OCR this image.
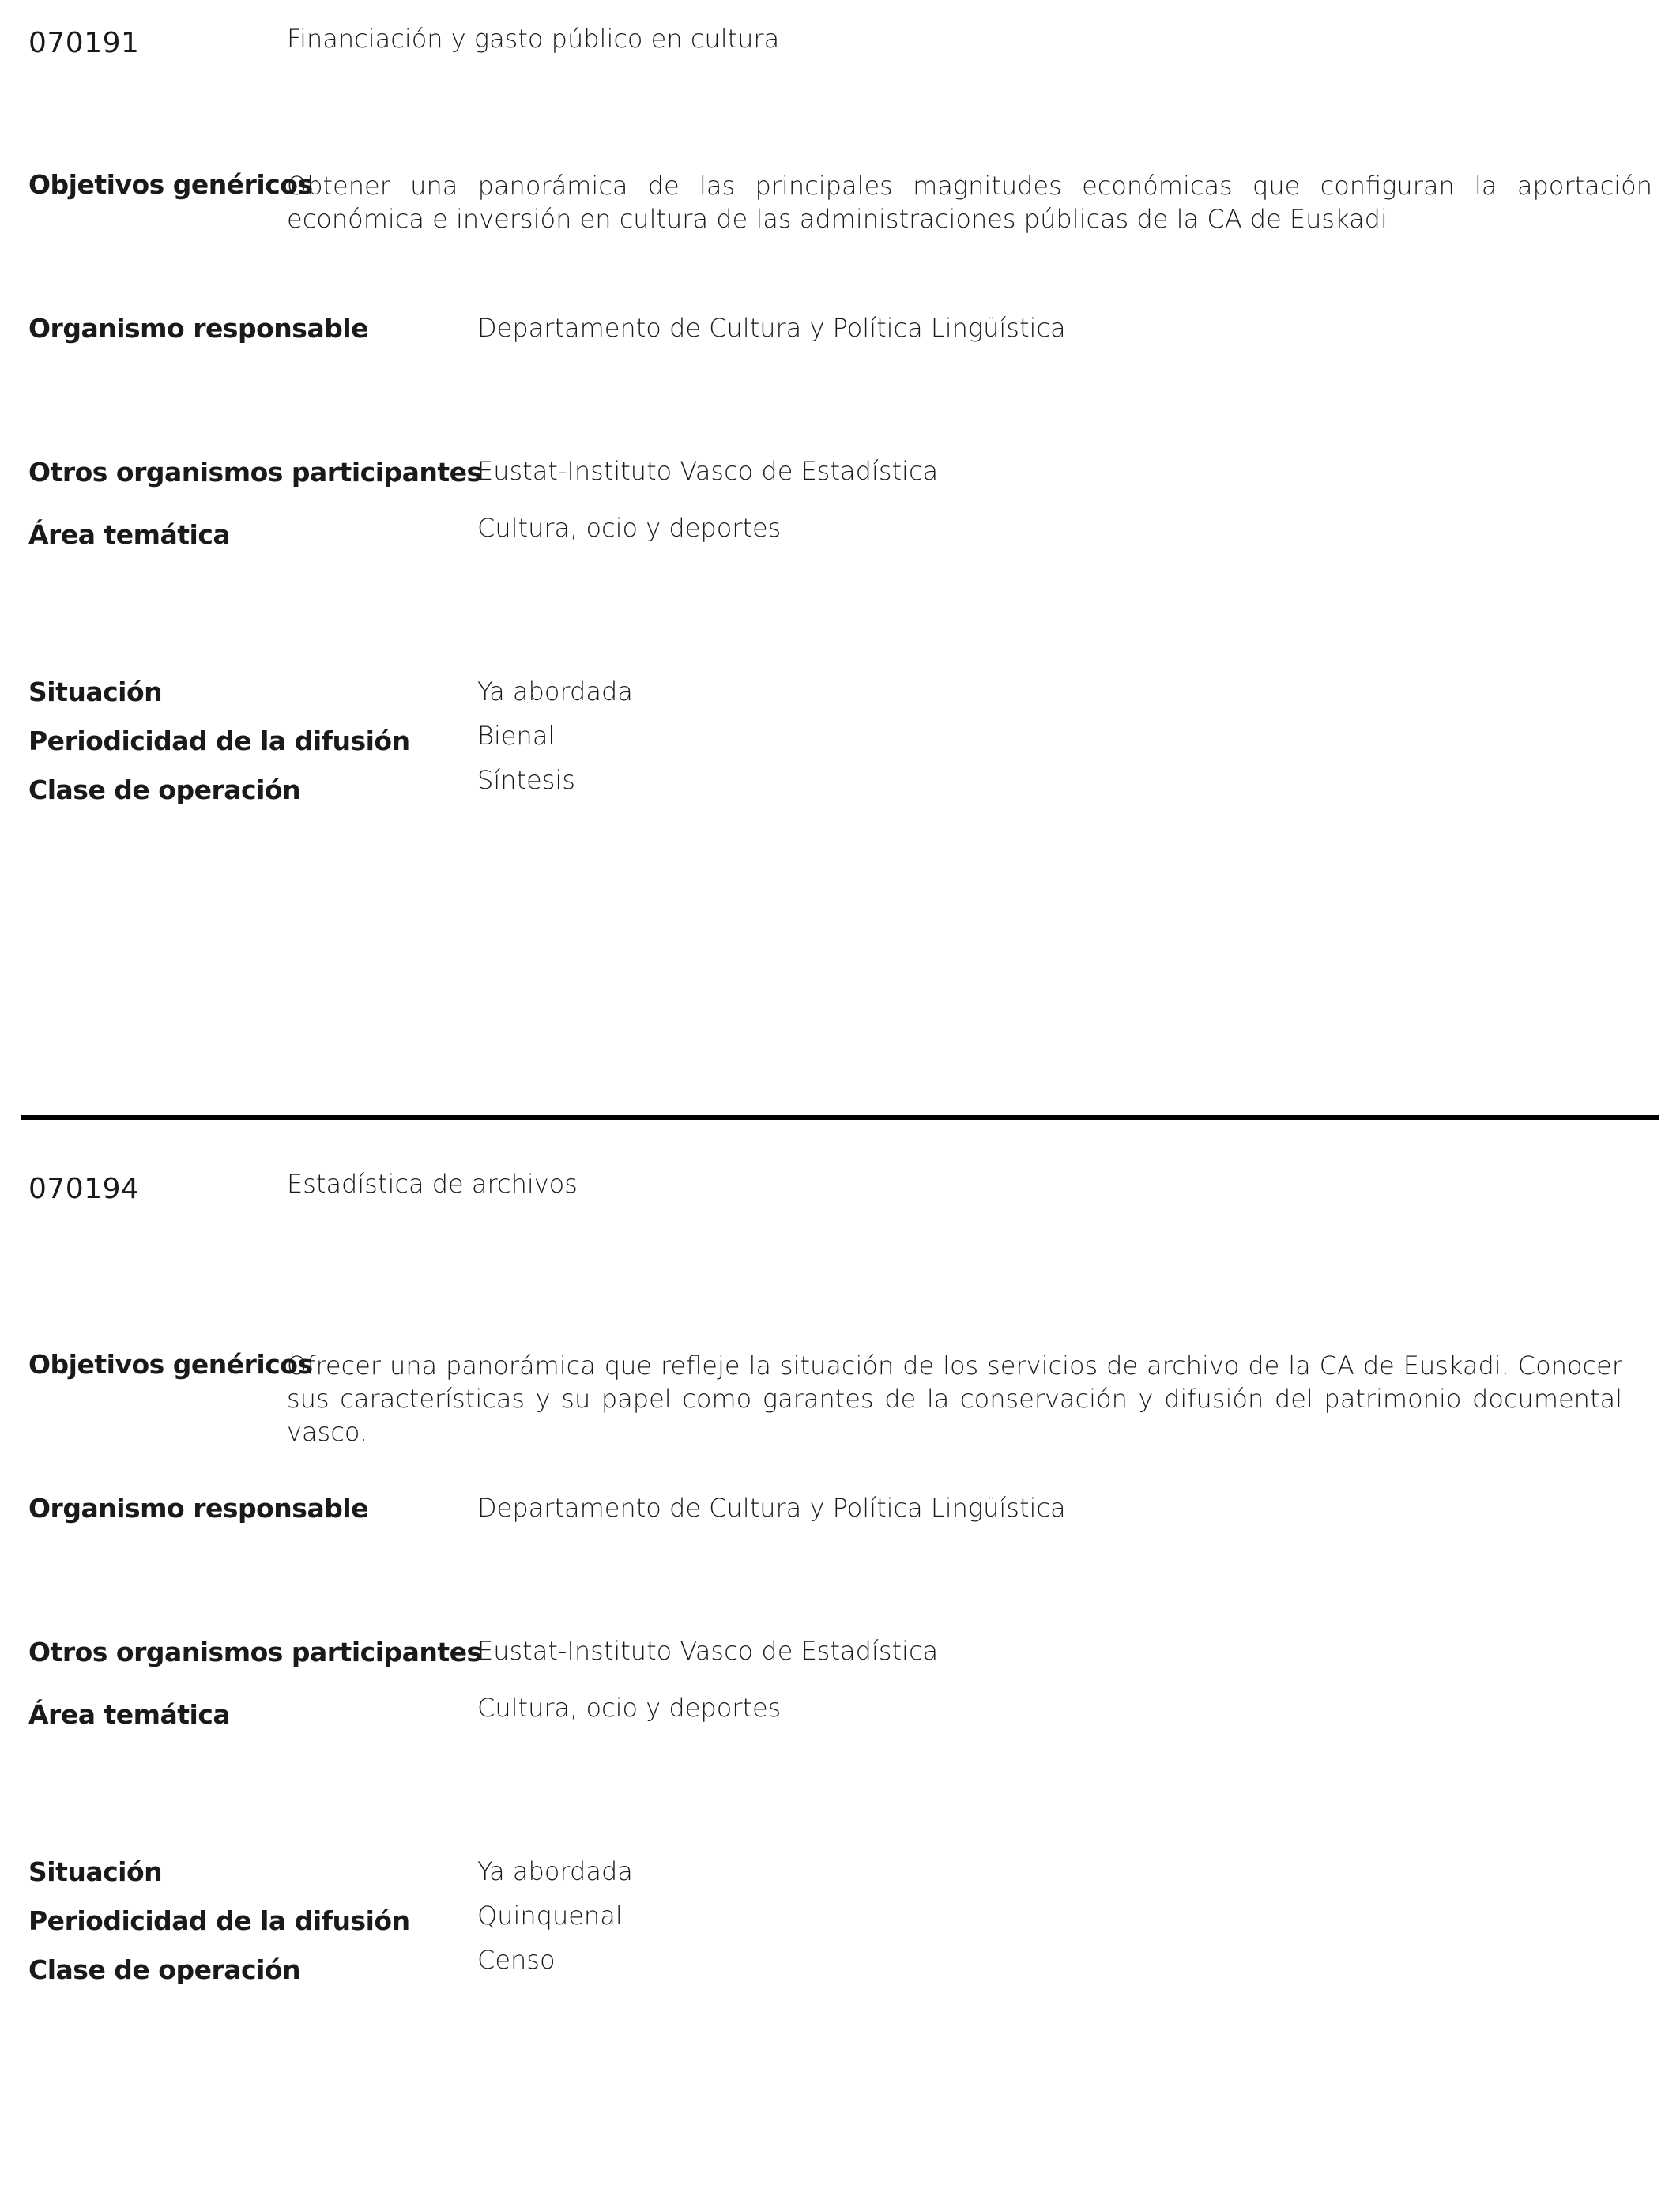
070191	Financiación y gasto público en cultura
Objetivos genéricos
Obtener una panorámica de las principales magnitudes económicas que configuran la aportación económica e inversión en cultura de las administraciones públicas de la CA de Euskadi
Organismo responsable	Departamento de Cultura y Política Lingüística
Otros organismos participantes
Eustat-Instituto Vasco de Estadística
Área temática	Cultura, ocio y deportes
Situación	Ya abordada
Periodicidad de la difusión	Bienal
Clase de operación	Síntesis
070194	Estadística de archivos
Objetivos genéricos
Ofrecer una panorámica que refleje la situación de los servicios de archivo de la CA de Euskadi. Conocer sus características y su papel como garantes de la conservación y difusión del patrimonio documental vasco.
Organismo responsable	Departamento de Cultura y Política Lingüística
Otros organismos participantes
Eustat-Instituto Vasco de Estadística
Área temática	Cultura, ocio y deportes
Situación	Ya abordada
Periodicidad de la difusión	Quinquenal
Clase de operación	Censo
